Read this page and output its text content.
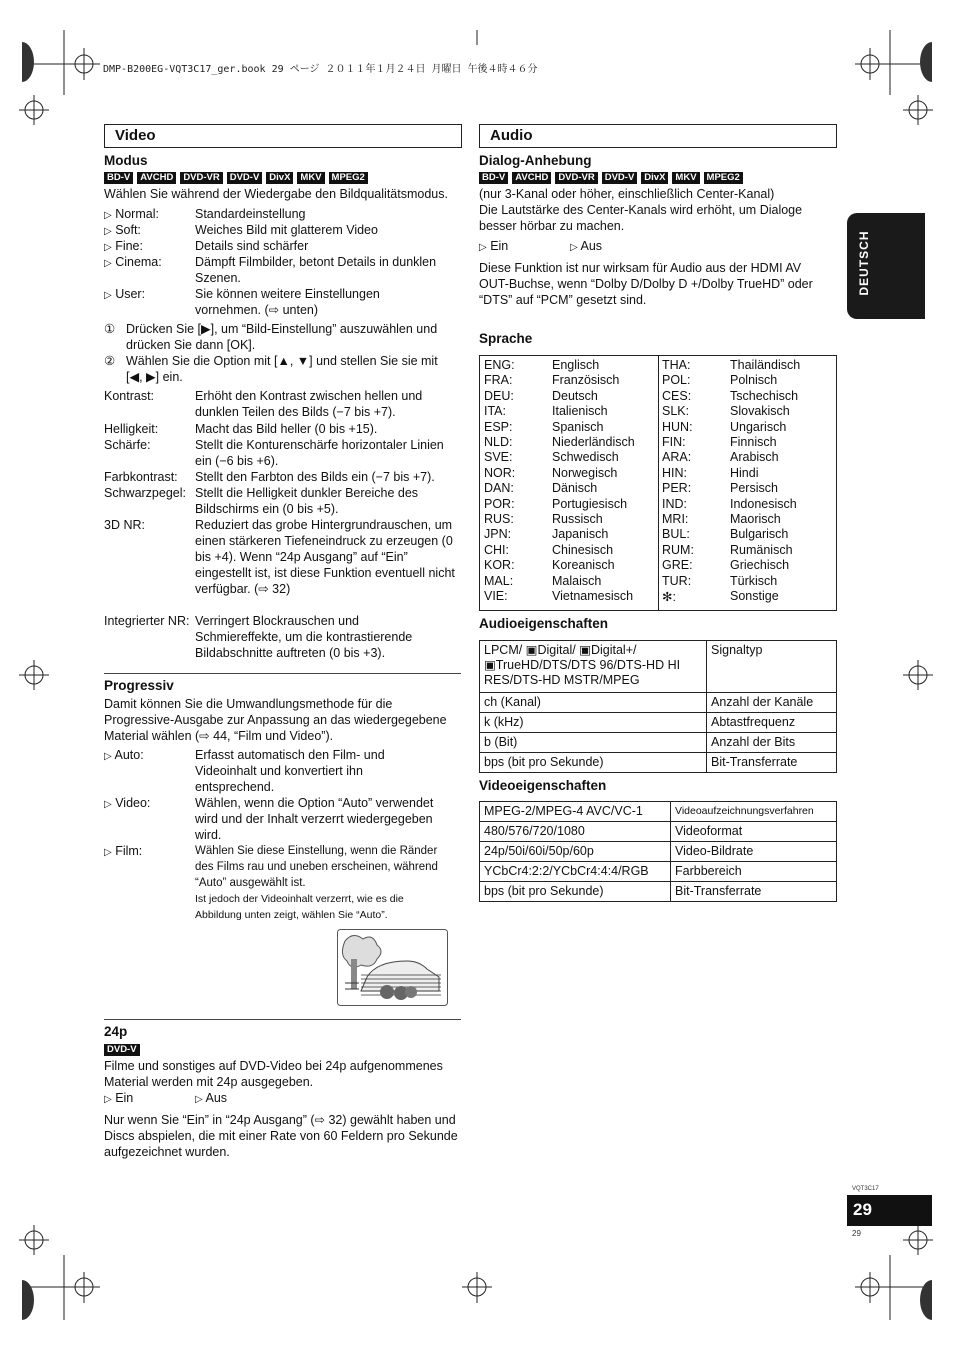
DMP-B200EG-VQT3C17_ger.book 29 ページ ２０１１年１月２４日 月曜日 午後４時４６分
DEUTSCH
Video
Modus
BD-V	AVCHD	DVD-VR	DVD-V	DivX	MKV	MPEG2
Wählen Sie während der Wiedergabe den Bildqualitätsmodus.
▷ Normal:	Standardeinstellung
▷ Soft:	Weiches Bild mit glatterem Video
▷ Fine:	Details sind schärfer
▷ Cinema:	Dämpft Filmbilder, betont Details in dunklen Szenen.
▷ User:	Sie können weitere Einstellungen vornehmen. (⇨ unten)
① Drücken Sie [▶], um “Bild-Einstellung” auszuwählen und drücken Sie dann [OK].
② Wählen Sie die Option mit [▲, ▼] und stellen Sie sie mit [◀, ▶] ein.
Kontrast:	Erhöht den Kontrast zwischen hellen und dunklen Teilen des Bilds (−7 bis +7).
Helligkeit:	Macht das Bild heller (0 bis +15).
Schärfe:	Stellt die Konturenschärfe horizontaler Linien ein (−6 bis +6).
Farbkontrast: Stellt den Farbton des Bilds ein (−7 bis +7).
Schwarzpegel: Stellt die Helligkeit dunkler Bereiche des Bildschirms ein (0 bis +5).
3D NR:	Reduziert das grobe Hintergrundrauschen, um einen stärkeren Tiefeneindruck zu erzeugen (0 bis +4). Wenn “24p Ausgang” auf “Ein” eingestellt ist, ist diese Funktion eventuell nicht verfügbar. (⇨ 32)
Integrierter NR: Verringert Blockrauschen und Schmiereffekte, um die kontrastierende Bildabschnitte auftreten (0 bis +3).
Progressiv
Damit können Sie die Umwandlungsmethode für die Progressive-Ausgabe zur Anpassung an das wiedergegebene Material wählen (⇨ 44, “Film und Video”).
▷ Auto:	Erfasst automatisch den Film- und Videoinhalt und konvertiert ihn entsprechend.
▷ Video:	Wählen, wenn die Option “Auto” verwendet wird und der Inhalt verzerrt wiedergegeben wird.
▷ Film:	Wählen Sie diese Einstellung, wenn die Ränder des Films rau und uneben erscheinen, während “Auto” ausgewählt ist.
Ist jedoch der Videoinhalt verzerrt, wie es die Abbildung unten zeigt, wählen Sie “Auto”.
24p
DVD-V
Filme und sonstiges auf DVD-Video bei 24p aufgenommenes Material werden mit 24p ausgegeben.
▷ Ein	▷ Aus
Nur wenn Sie “Ein” in “24p Ausgang” (⇨ 32) gewählt haben und Discs abspielen, die mit einer Rate von 60 Feldern pro Sekunde aufgezeichnet wurden.
Audio
Dialog-Anhebung
BD-V	AVCHD	DVD-VR	DVD-V	DivX	MKV	MPEG2
(nur 3-Kanal oder höher, einschließlich Center-Kanal)
Die Lautstärke des Center-Kanals wird erhöht, um Dialoge besser hörbar zu machen.
▷ Ein	▷ Aus
Diese Funktion ist nur wirksam für Audio aus der HDMI AV OUT-Buchse, wenn “Dolby D/Dolby D +/Dolby TrueHD” oder “DTS” auf “PCM” gesetzt sind.
Sprache
ENG:	Englisch
FRA:	Französisch
DEU:	Deutsch
ITA:	Italienisch
ESP:	Spanisch
NLD:	Niederländisch
SVE:	Schwedisch
NOR:	Norwegisch
DAN:	Dänisch
POR:	Portugiesisch
RUS:	Russisch
JPN:	Japanisch
CHI:	Chinesisch
KOR:	Koreanisch
MAL:	Malaisch
VIE:	Vietnamesisch
THA:	Thailändisch
POL:	Polnisch
CES:	Tschechisch
SLK:	Slovakisch
HUN:	Ungarisch
FIN:	Finnisch
ARA:	Arabisch
HIN:	Hindi
PER:	Persisch
IND:	Indonesisch
MRI:	Maorisch
BUL:	Bulgarisch
RUM:	Rumänisch
GRE:	Griechisch
TUR:	Türkisch
✻:	Sonstige
Audioeigenschaften
LPCM/ ▣Digital/ ▣Digital+/ ▣TrueHD/DTS/DTS 96/DTS-HD HI RES/DTS-HD MSTR/MPEG	Signaltyp
ch (Kanal)	Anzahl der Kanäle
k (kHz)	Abtastfrequenz
b (Bit)	Anzahl der Bits
bps (bit pro Sekunde)	Bit-Transferrate
Videoeigenschaften
MPEG-2/MPEG-4 AVC/VC-1	Videoaufzeichnungsverfahren
480/576/720/1080	Videoformat
24p/50i/60i/50p/60p	Video-Bildrate
YCbCr4:2:2/YCbCr4:4:4/RGB	Farbbereich
bps (bit pro Sekunde)	Bit-Transferrate
VQT3C17
29
29
